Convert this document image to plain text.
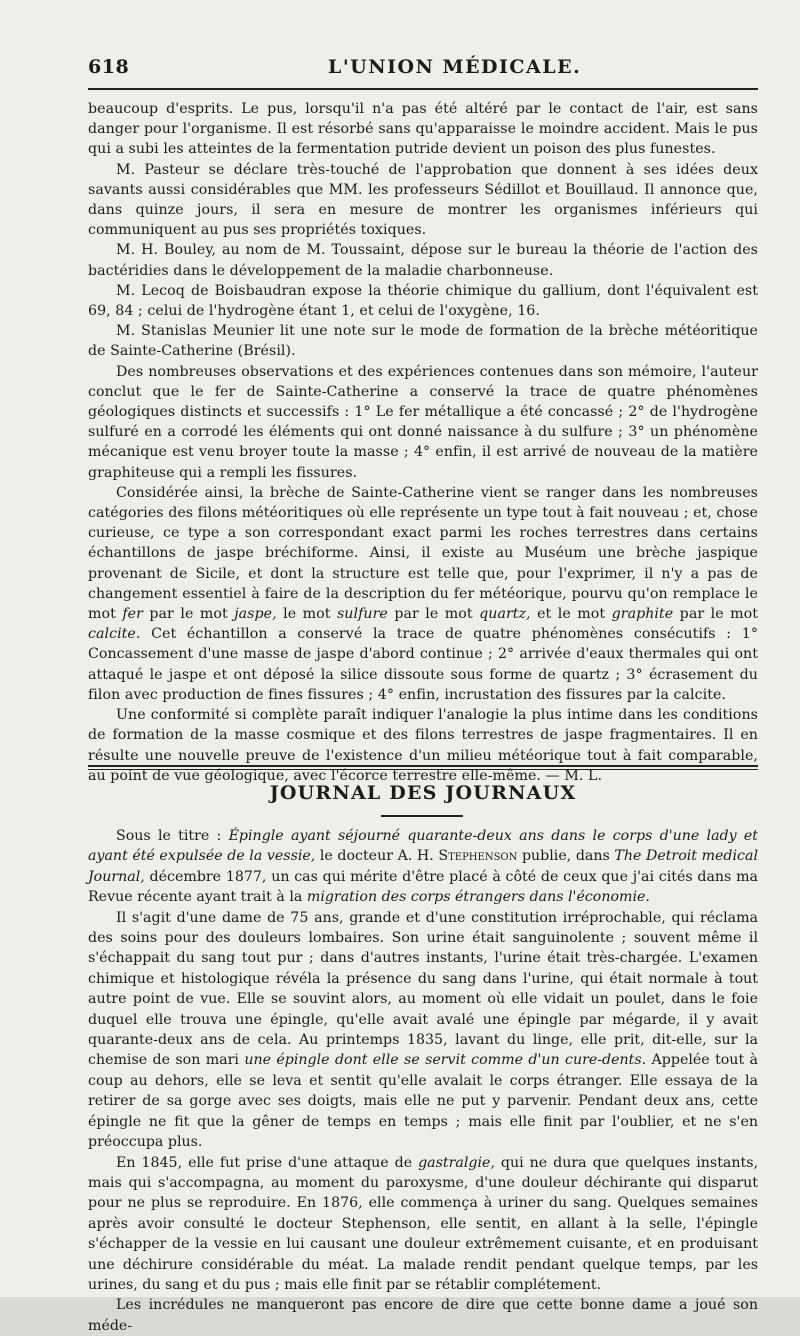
618	L'UNION MÉDICALE.

beaucoup d'esprits. Le pus, lorsqu'il n'a pas été altéré par le contact de l'air, est sans danger pour l'organisme. Il est résorbé sans qu'apparaisse le moindre accident. Mais le pus qui a subi les atteintes de la fermentation putride devient un poison des plus funestes.

M. Pasteur se déclare très-touché de l'approbation que donnent à ses idées deux savants aussi considérables que MM. les professeurs Sédillot et Bouillaud. Il annonce que, dans quinze jours, il sera en mesure de montrer les organismes inférieurs qui communiquent au pus ses propriétés toxiques.

M. H. Bouley, au nom de M. Toussaint, dépose sur le bureau la théorie de l'action des bactéridies dans le développement de la maladie charbonneuse.

M. Lecoq de Boisbaudran expose la théorie chimique du gallium, dont l'équivalent est 69, 84 ; celui de l'hydrogène étant 1, et celui de l'oxygène, 16.

M. Stanislas Meunier lit une note sur le mode de formation de la brèche météoritique de Sainte-Catherine (Brésil).

Des nombreuses observations et des expériences contenues dans son mémoire, l'auteur conclut que le fer de Sainte-Catherine a conservé la trace de quatre phénomènes géologiques distincts et successifs : 1° Le fer métallique a été concassé ; 2° de l'hydrogène sulfuré en a corrodé les éléments qui ont donné naissance à du sulfure ; 3° un phénomène mécanique est venu broyer toute la masse ; 4° enfin, il est arrivé de nouveau de la matière graphiteuse qui a rempli les fissures.

Considérée ainsi, la brèche de Sainte-Catherine vient se ranger dans les nombreuses catégories des filons météoritiques où elle représente un type tout à fait nouveau ; et, chose curieuse, ce type a son correspondant exact parmi les roches terrestres dans certains échantillons de jaspe bréchiforme. Ainsi, il existe au Muséum une brèche jaspique provenant de Sicile, et dont la structure est telle que, pour l'exprimer, il n'y a pas de changement essentiel à faire de la description du fer météorique, pourvu qu'on remplace le mot fer par le mot jaspe, le mot sulfure par le mot quartz, et le mot graphite par le mot calcite. Cet échantillon a conservé la trace de quatre phénomènes consécutifs : 1° Concassement d'une masse de jaspe d'abord continue ; 2° arrivée d'eaux thermales qui ont attaqué le jaspe et ont déposé la silice dissoute sous forme de quartz ; 3° écrasement du filon avec production de fines fissures ; 4° enfin, incrustation des fissures par la calcite.

Une conformité si complète paraît indiquer l'analogie la plus intime dans les conditions de formation de la masse cosmique et des filons terrestres de jaspe fragmentaires. Il en résulte une nouvelle preuve de l'existence d'un milieu météorique tout à fait comparable, au point de vue géologique, avec l'écorce terrestre elle-même. — M. L.

JOURNAL DES JOURNAUX

Sous le titre : Épingle ayant séjourné quarante-deux ans dans le corps d'une lady et ayant été expulsée de la vessie, le docteur A. H. Stephenson publie, dans The Detroit medical Journal, décembre 1877, un cas qui mérite d'être placé à côté de ceux que j'ai cités dans ma Revue récente ayant trait à la migration des corps étrangers dans l'économie.

Il s'agit d'une dame de 75 ans, grande et d'une constitution irréprochable, qui réclama des soins pour des douleurs lombaires. Son urine était sanguinolente ; souvent même il s'échappait du sang tout pur ; dans d'autres instants, l'urine était très-chargée. L'examen chimique et histologique révéla la présence du sang dans l'urine, qui était normale à tout autre point de vue. Elle se souvint alors, au moment où elle vidait un poulet, dans le foie duquel elle trouva une épingle, qu'elle avait avalé une épingle par mégarde, il y avait quarante-deux ans de cela. Au printemps 1835, lavant du linge, elle prit, dit-elle, sur la chemise de son mari une épingle dont elle se servit comme d'un cure-dents. Appelée tout à coup au dehors, elle se leva et sentit qu'elle avalait le corps étranger. Elle essaya de la retirer de sa gorge avec ses doigts, mais elle ne put y parvenir. Pendant deux ans, cette épingle ne fit que la gêner de temps en temps ; mais elle finit par l'oublier, et ne s'en préoccupa plus.

En 1845, elle fut prise d'une attaque de gastralgie, qui ne dura que quelques instants, mais qui s'accompagna, au moment du paroxysme, d'une douleur déchirante qui disparut pour ne plus se reproduire. En 1876, elle commença à uriner du sang. Quelques semaines après avoir consulté le docteur Stephenson, elle sentit, en allant à la selle, l'épingle s'échapper de la vessie en lui causant une douleur extrêmement cuisante, et en produisant une déchirure considérable du méat. La malade rendit pendant quelque temps, par les urines, du sang et du pus ; mais elle finit par se rétablir complétement.

Les incrédules ne manqueront pas encore de dire que cette bonne dame a joué son méde-
